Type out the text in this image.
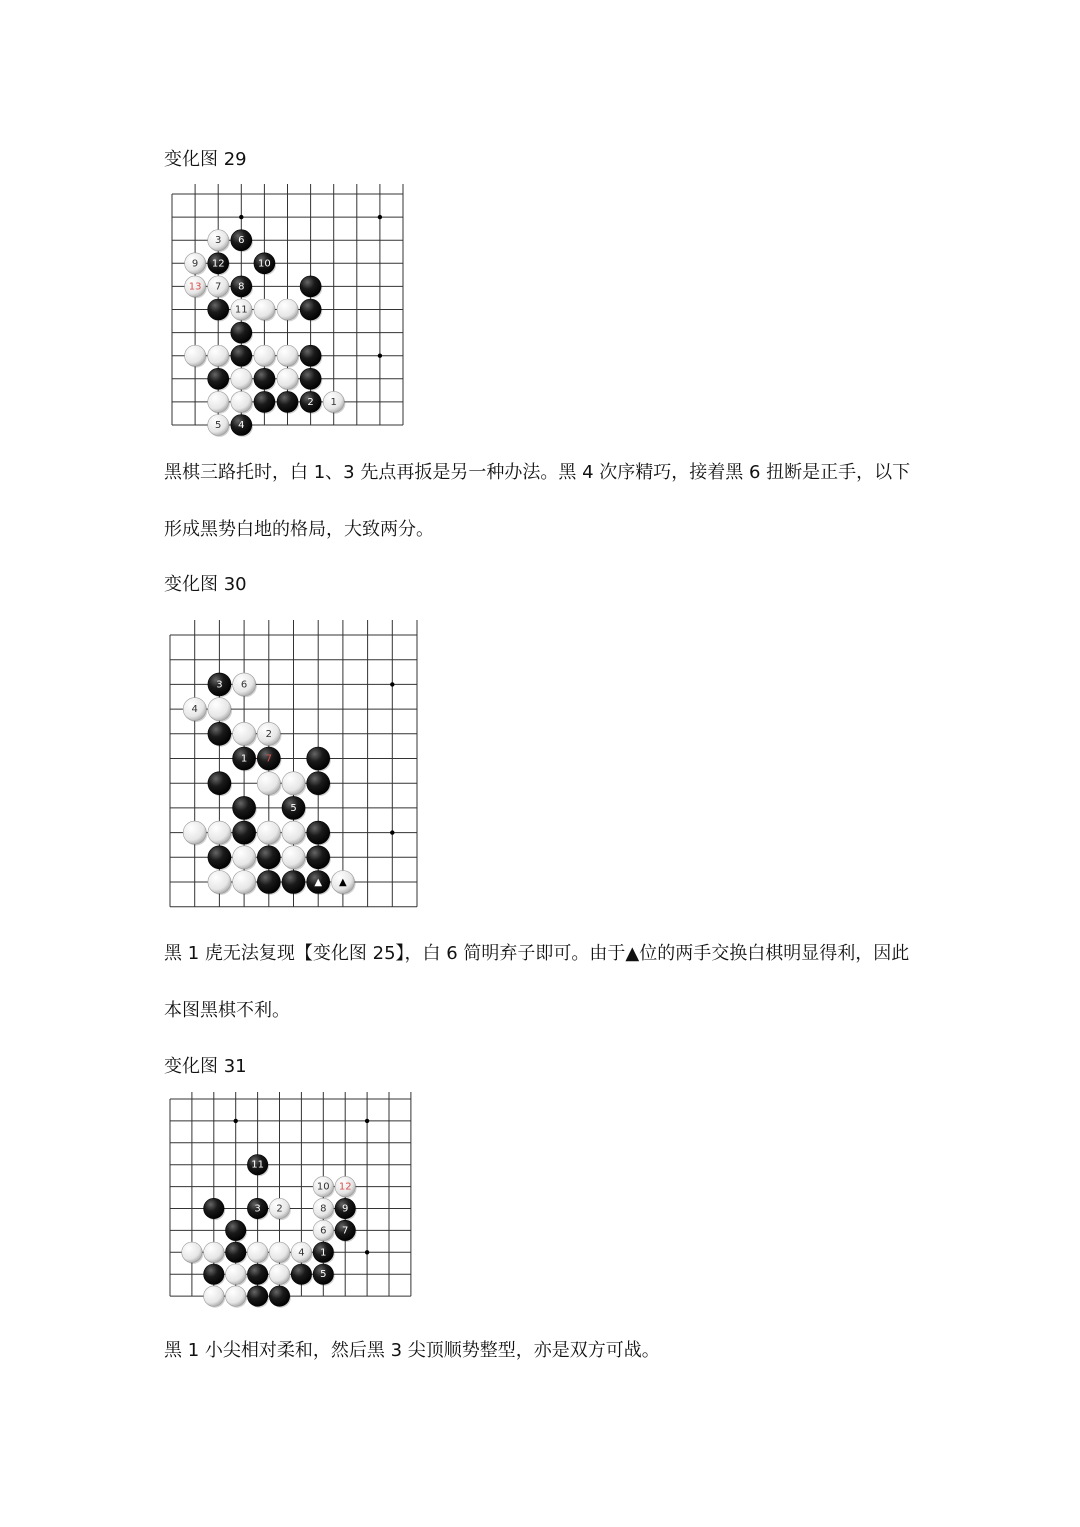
变化图 29
3 6
9 12	10
13 7 8
11
2 1
5 4
黑棋三路托时，白 1、3 先点再扳是另一种办法。黑 4 次序精巧，接着黑 6 扭断是正手，以下形成黑势白地的格局，大致两分。
变化图 30
3 6
4
2
1 7
5
▲ ▲
黑 1 虎无法复现【变化图 25】，白 6 简明弃子即可。由于▲位的两手交换白棋明显得利，因此本图黑棋不利。
变化图 31
11
10 12
3 2	8 9
6 7
4 1
5
黑 1 小尖相对柔和，然后黑 3 尖顶顺势整型，亦是双方可战。
